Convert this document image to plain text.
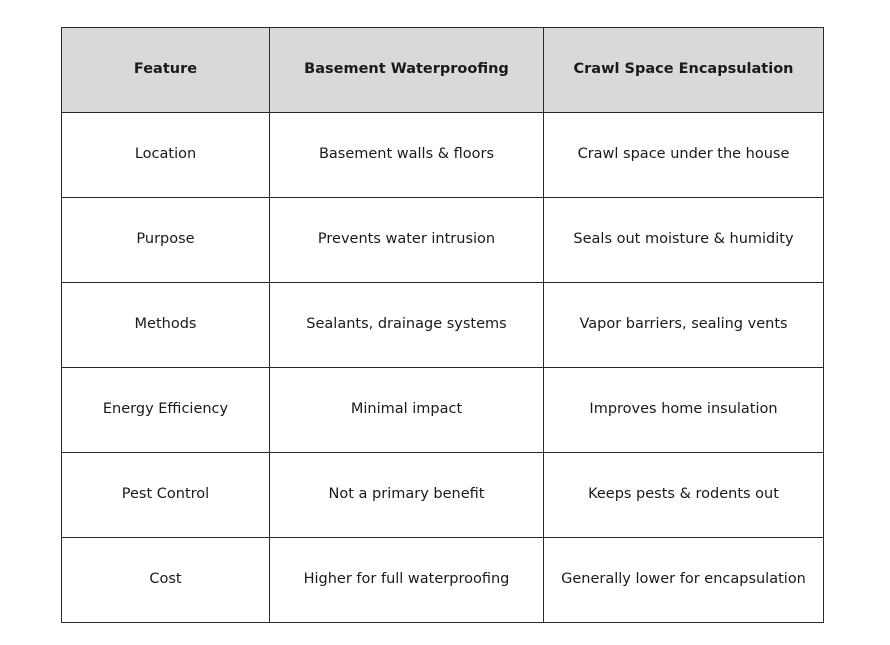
Feature	Basement Waterproofing	Crawl Space Encapsulation
Location	Basement walls & floors	Crawl space under the house
Purpose	Prevents water intrusion	Seals out moisture & humidity
Methods	Sealants, drainage systems	Vapor barriers, sealing vents
Energy Efficiency	Minimal impact	Improves home insulation
Pest Control	Not a primary benefit	Keeps pests & rodents out
Cost	Higher for full waterproofing	Generally lower for encapsulation
